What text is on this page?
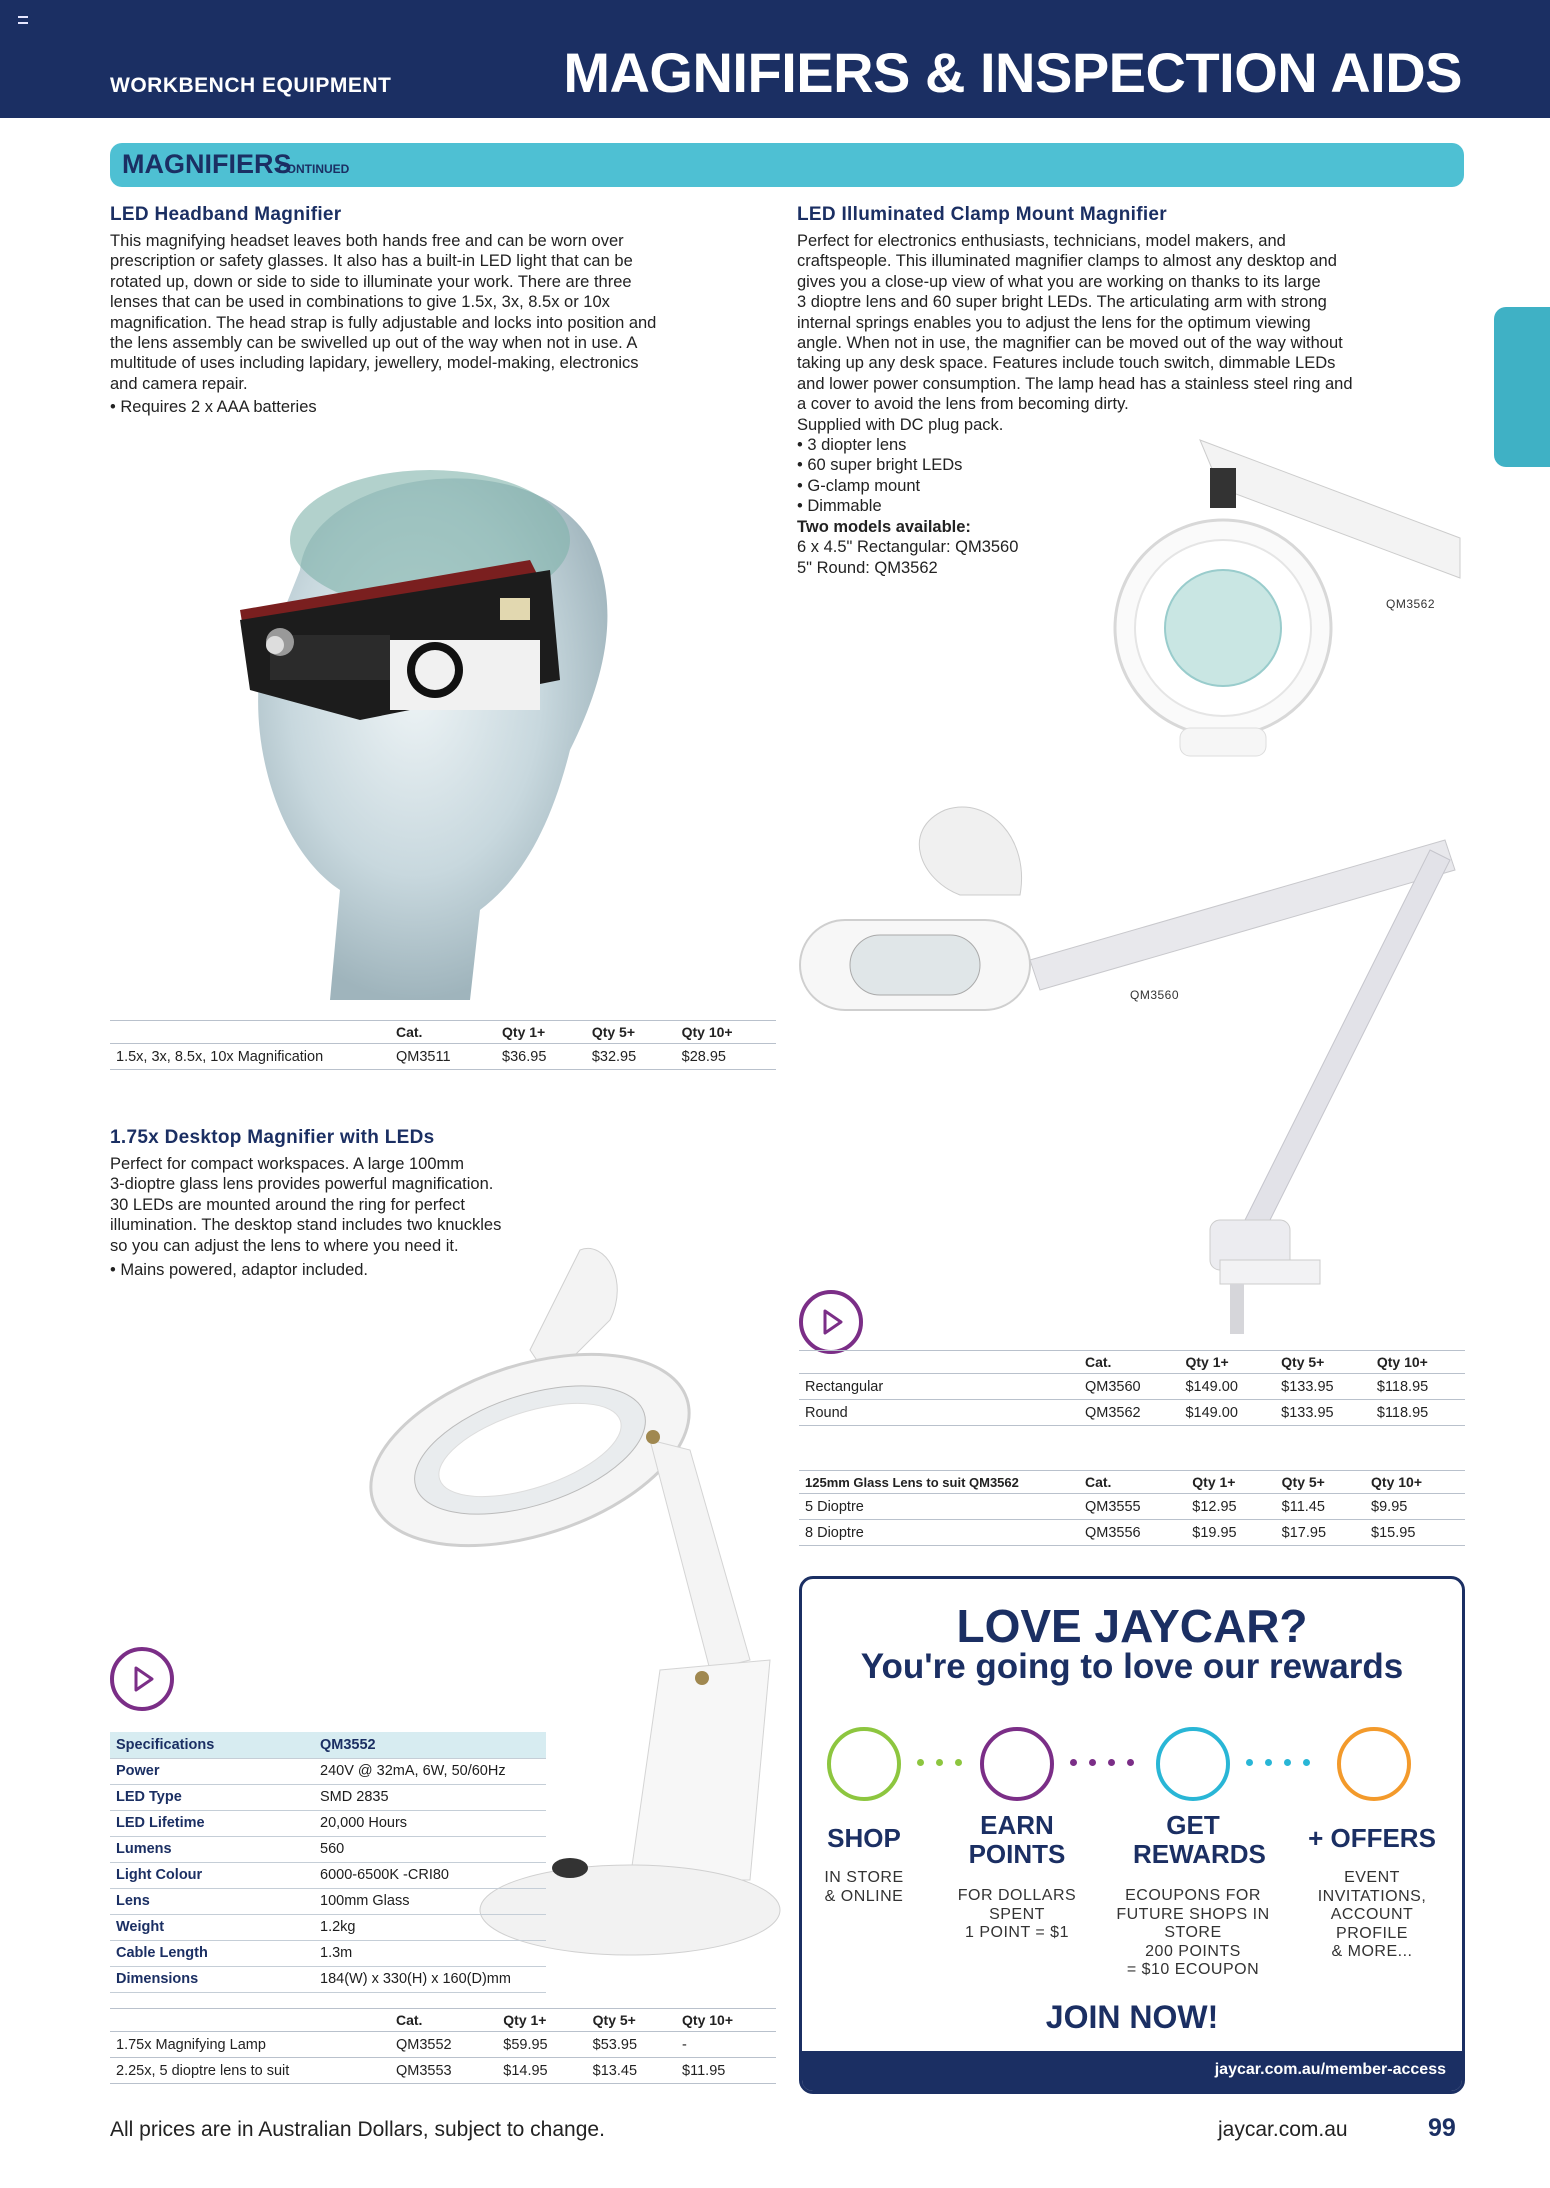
WORKBENCH EQUIPMENT	MAGNIFIERS & INSPECTION AIDS
MAGNIFIERS
CONTINUED
LED Headband Magnifier

This magnifying headset leaves both hands free and can be worn over

prescription or safety glasses. It also has a built-in LED light that can be

rotated up, down or side to side to illuminate your work. There are three

lenses that can be used in combinations to give 1.5x, 3x, 8.5x or 10x

magnification. The head strap is fully adjustable and locks into position and

the lens assembly can be swivelled up out of the way when not in use. A

multitude of uses including lapidary, jewellery, model-making, electronics

and camera repair.

• Requires 2 x AAA batteries
	Cat.	Qty 1+	Qty 5+	Qty 10+
1.5x, 3x, 8.5x, 10x Magnification	QM3511	$36.95	$32.95	$28.95
LED Illuminated Clamp Mount Magnifier

Perfect for electronics enthusiasts, technicians, model makers, and

craftspeople. This illuminated magnifier clamps to almost any desktop and

gives you a close-up view of what you are working on thanks to its large

3 dioptre lens and 60 super bright LEDs. The articulating arm with strong

internal springs enables you to adjust the lens for the optimum viewing

angle. When not in use, the magnifier can be moved out of the way without

taking up any desk space. Features include touch switch, dimmable LEDs

and lower power consumption. The lamp head has a stainless steel ring and

a cover to avoid the lens from becoming dirty.

Supplied with DC plug pack.

• 3 diopter lens

• 60 super bright LEDs

• G-clamp mount

• Dimmable

Two models available:

6 x 4.5" Rectangular: QM3560

5" Round: QM3562

QM3562
QM3560
	Cat.	Qty 1+	Qty 5+	Qty 10+
Rectangular	QM3560	$149.00	$133.95	$118.95
Round	QM3562	$149.00	$133.95	$118.95
125mm Glass Lens to suit QM3562	Cat.	Qty 1+	Qty 5+	Qty 10+
5 Dioptre	QM3555	$12.95	$11.45	$9.95
8 Dioptre	QM3556	$19.95	$17.95	$15.95
1.75x Desktop Magnifier with LEDs

Perfect for compact workspaces. A large 100mm

3-dioptre glass lens provides powerful magnification.

30 LEDs are mounted around the ring for perfect

illumination. The desktop stand includes two knuckles

so you can adjust the lens to where you need it.

• Mains powered, adaptor included.
Specifications	QM3552
Power	240V @ 32mA, 6W, 50/60Hz
LED Type	SMD 2835
LED Lifetime	20,000 Hours
Lumens	560
Light Colour	6000-6500K -CRI80
Lens	100mm Glass
Weight	1.2kg
Cable Length	1.3m
Dimensions	184(W) x 330(H) x 160(D)mm
	Cat.	Qty 1+	Qty 5+	Qty 10+
1.75x Magnifying Lamp	QM3552	$59.95	$53.95	-
2.25x, 5 dioptre lens to suit	QM3553	$14.95	$13.45	$11.95
LOVE JAYCAR?
You're going to love our rewards
SHOP
IN STORE
& ONLINE
EARN POINTS
FOR DOLLARS
SPENT
1 POINT = $1
GET REWARDS
ECOUPONS FOR
FUTURE SHOPS IN
STORE
200 POINTS
= $10 ECOUPON
+ OFFERS
EVENT
INVITATIONS,
ACCOUNT
PROFILE
& MORE...
JOIN NOW!
jaycar.com.au/member-access
All prices are in Australian Dollars, subject to change.	jaycar.com.au	99
